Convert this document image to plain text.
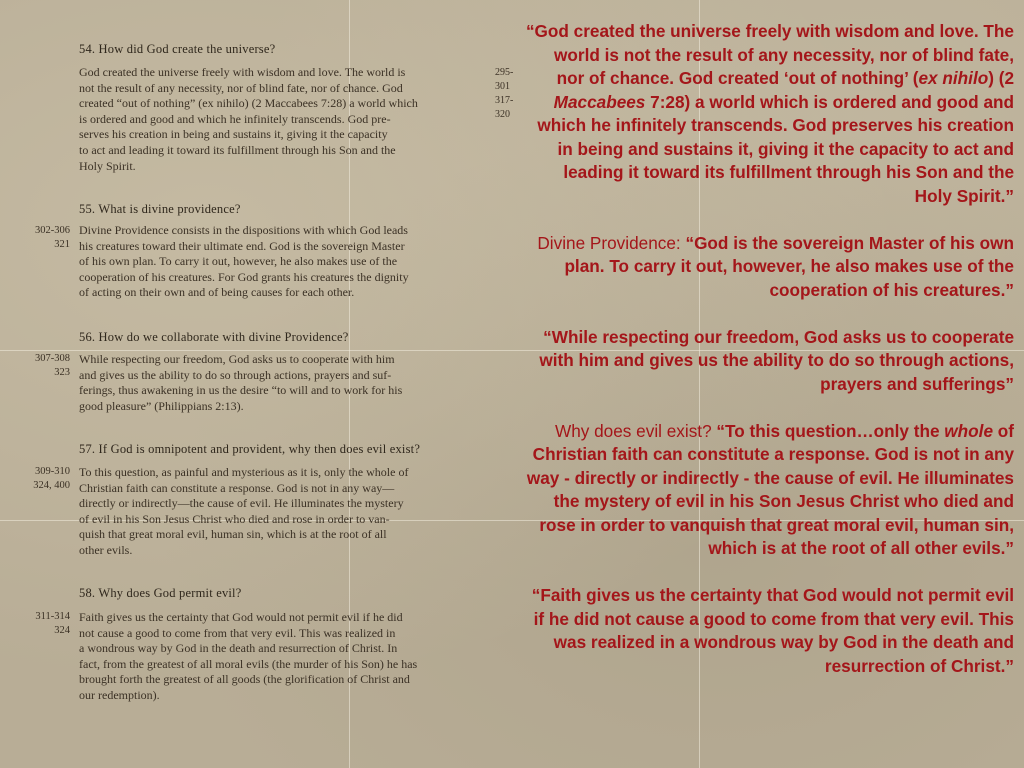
54. How did God create the universe?
295-301
317-320
God created the universe freely with wisdom and love. The world is
not the result of any necessity, nor of blind fate, nor of chance. God
created “out of nothing” (ex nihilo) (2 Maccabees 7:28) a world which
is ordered and good and which he infinitely transcends. God pre-
serves his creation in being and sustains it, giving it the capacity
to act and leading it toward its fulfillment through his Son and the
Holy Spirit.
55. What is divine providence?
302-306
321
Divine Providence consists in the dispositions with which God leads
his creatures toward their ultimate end. God is the sovereign Master
of his own plan. To carry it out, however, he also makes use of the
cooperation of his creatures. For God grants his creatures the dignity
of acting on their own and of being causes for each other.
56. How do we collaborate with divine Providence?
307-308
323
While respecting our freedom, God asks us to cooperate with him
and gives us the ability to do so through actions, prayers and suf-
ferings, thus awakening in us the desire “to will and to work for his
good pleasure” (Philippians 2:13).
57. If God is omnipotent and provident, why then does evil exist?
309-310
324, 400
To this question, as painful and mysterious as it is, only the whole of
Christian faith can constitute a response. God is not in any way—
directly or indirectly—the cause of evil. He illuminates the mystery
of evil in his Son Jesus Christ who died and rose in order to van-
quish that great moral evil, human sin, which is at the root of all
other evils.
58. Why does God permit evil?
311-314
324
Faith gives us the certainty that God would not permit evil if he did
not cause a good to come from that very evil. This was realized in
a wondrous way by God in the death and resurrection of Christ. In
fact, from the greatest of all moral evils (the murder of his Son) he has
brought forth the greatest of all goods (the glorification of Christ and
our redemption).

“God created the universe freely with wisdom and love. The world is not the result of any necessity, nor of blind fate, nor of chance. God created ‘out of nothing’ (ex nihilo) (2 Maccabees 7:28) a world which is ordered and good and which he infinitely transcends. God preserves his creation in being and sustains it, giving it the capacity to act and leading it toward its fulfillment through his Son and the Holy Spirit.”

Divine Providence: “God is the sovereign Master of his own plan. To carry it out, however, he also makes use of the cooperation of his creatures.”

“While respecting our freedom, God asks us to cooperate with him and gives us the ability to do so through actions, prayers and sufferings”

Why does evil exist? “To this question…only the whole of Christian faith can constitute a response. God is not in any way - directly or indirectly - the cause of evil. He illuminates the mystery of evil in his Son Jesus Christ who died and rose in order to vanquish that great moral evil, human sin, which is at the root of all other evils.”

“Faith gives us the certainty that God would not permit evil if he did not cause a good to come from that very evil. This was realized in a wondrous way by God in the death and resurrection of Christ.”
